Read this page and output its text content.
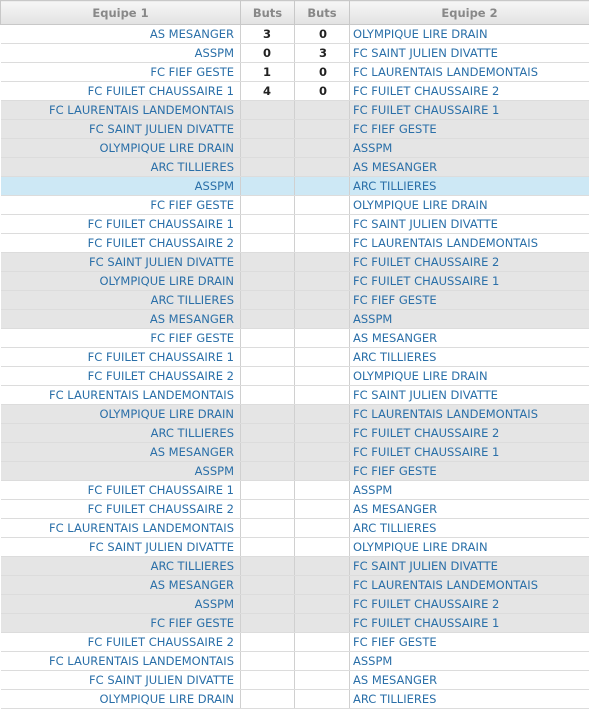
Equipe 1	Buts	Buts	Equipe 2
AS MESANGER	3	0	OLYMPIQUE LIRE DRAIN
ASSPM	0	3	FC SAINT JULIEN DIVATTE
FC FIEF GESTE	1	0	FC LAURENTAIS LANDEMONTAIS
FC FUILET CHAUSSAIRE 1	4	0	FC FUILET CHAUSSAIRE 2
FC LAURENTAIS LANDEMONTAIS			FC FUILET CHAUSSAIRE 1
FC SAINT JULIEN DIVATTE			FC FIEF GESTE
OLYMPIQUE LIRE DRAIN			ASSPM
ARC TILLIERES			AS MESANGER
ASSPM			ARC TILLIERES
FC FIEF GESTE			OLYMPIQUE LIRE DRAIN
FC FUILET CHAUSSAIRE 1			FC SAINT JULIEN DIVATTE
FC FUILET CHAUSSAIRE 2			FC LAURENTAIS LANDEMONTAIS
FC SAINT JULIEN DIVATTE			FC FUILET CHAUSSAIRE 2
OLYMPIQUE LIRE DRAIN			FC FUILET CHAUSSAIRE 1
ARC TILLIERES			FC FIEF GESTE
AS MESANGER			ASSPM
FC FIEF GESTE			AS MESANGER
FC FUILET CHAUSSAIRE 1			ARC TILLIERES
FC FUILET CHAUSSAIRE 2			OLYMPIQUE LIRE DRAIN
FC LAURENTAIS LANDEMONTAIS			FC SAINT JULIEN DIVATTE
OLYMPIQUE LIRE DRAIN			FC LAURENTAIS LANDEMONTAIS
ARC TILLIERES			FC FUILET CHAUSSAIRE 2
AS MESANGER			FC FUILET CHAUSSAIRE 1
ASSPM			FC FIEF GESTE
FC FUILET CHAUSSAIRE 1			ASSPM
FC FUILET CHAUSSAIRE 2			AS MESANGER
FC LAURENTAIS LANDEMONTAIS			ARC TILLIERES
FC SAINT JULIEN DIVATTE			OLYMPIQUE LIRE DRAIN
ARC TILLIERES			FC SAINT JULIEN DIVATTE
AS MESANGER			FC LAURENTAIS LANDEMONTAIS
ASSPM			FC FUILET CHAUSSAIRE 2
FC FIEF GESTE			FC FUILET CHAUSSAIRE 1
FC FUILET CHAUSSAIRE 2			FC FIEF GESTE
FC LAURENTAIS LANDEMONTAIS			ASSPM
FC SAINT JULIEN DIVATTE			AS MESANGER
OLYMPIQUE LIRE DRAIN			ARC TILLIERES
